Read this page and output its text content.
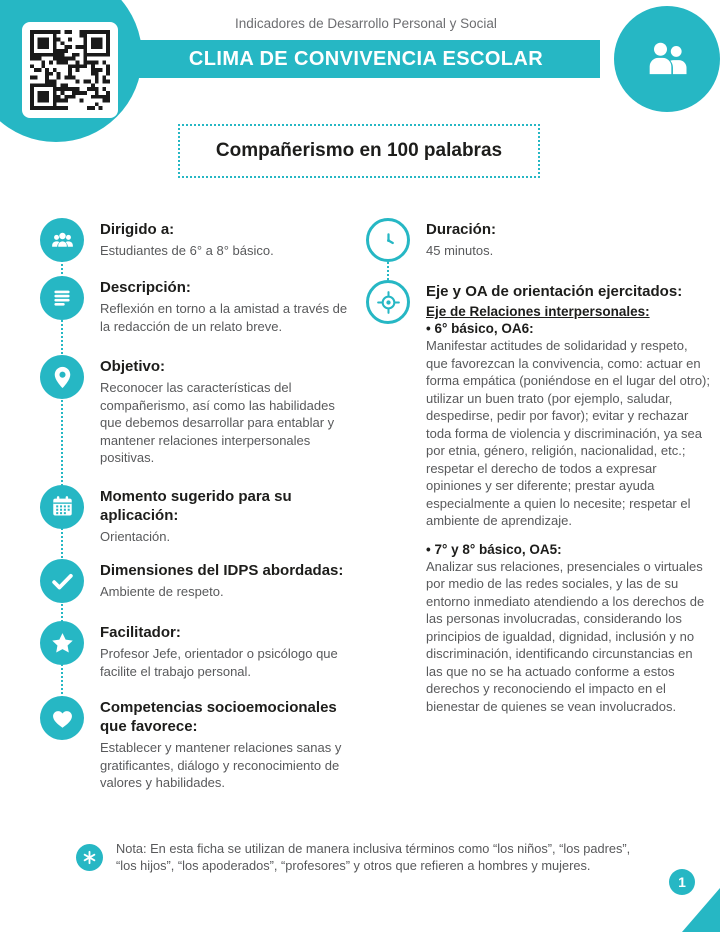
Indicadores de Desarrollo Personal y Social
CLIMA DE CONVIVENCIA ESCOLAR
Compañerismo en 100 palabras
Dirigido a:

Estudiantes de 6° a 8° básico.

Descripción:

Reflexión en torno a la amistad a través de la redacción de un relato breve.

Objetivo:

Reconocer las características del compañerismo, así como las habilidades que debemos desarrollar para entablar y mantener relaciones interpersonales positivas.

Momento sugerido para su aplicación:

Orientación.

Dimensiones del IDPS abordadas:

Ambiente de respeto.

Facilitador:

Profesor Jefe, orientador o psicólogo que facilite el trabajo personal.

Competencias socioemocionales que favorece:

Establecer y mantener relaciones sanas y gratificantes, diálogo y reconocimiento de valores y habilidades.

Duración:

45 minutos.

Eje y OA de orientación ejercitados:
Eje de Relaciones interpersonales:
• 6° básico, OA6:

Manifestar actitudes de solidaridad y respeto, que favorezcan la convivencia, como: actuar en forma empática (poniéndose en el lugar del otro); utilizar un buen trato (por ejemplo, saludar, despedirse, pedir por favor); evitar y rechazar toda forma de violencia y discriminación, ya sea por etnia, género, religión, nacionalidad, etc.; respetar el derecho de todos a expresar opiniones y ser diferente; prestar ayuda especialmente a quien lo necesite; respetar el ambiente de aprendizaje.

• 7° y 8° básico, OA5:

Analizar sus relaciones, presenciales o virtuales por medio de las redes sociales, y las de su entorno inmediato atendiendo a los derechos de las personas involucradas, considerando los principios de igualdad, dignidad, inclusión y no discriminación, identificando circunstancias en las que no se ha actuado conforme a estos derechos y reconociendo el impacto en el bienestar de quienes se vean involucrados.

Nota: En esta ficha se utilizan de manera inclusiva términos como “los niños”, “los padres”, “los hijos”, “los apoderados”, “profesores” y otros que refieren a hombres y mujeres.

1
